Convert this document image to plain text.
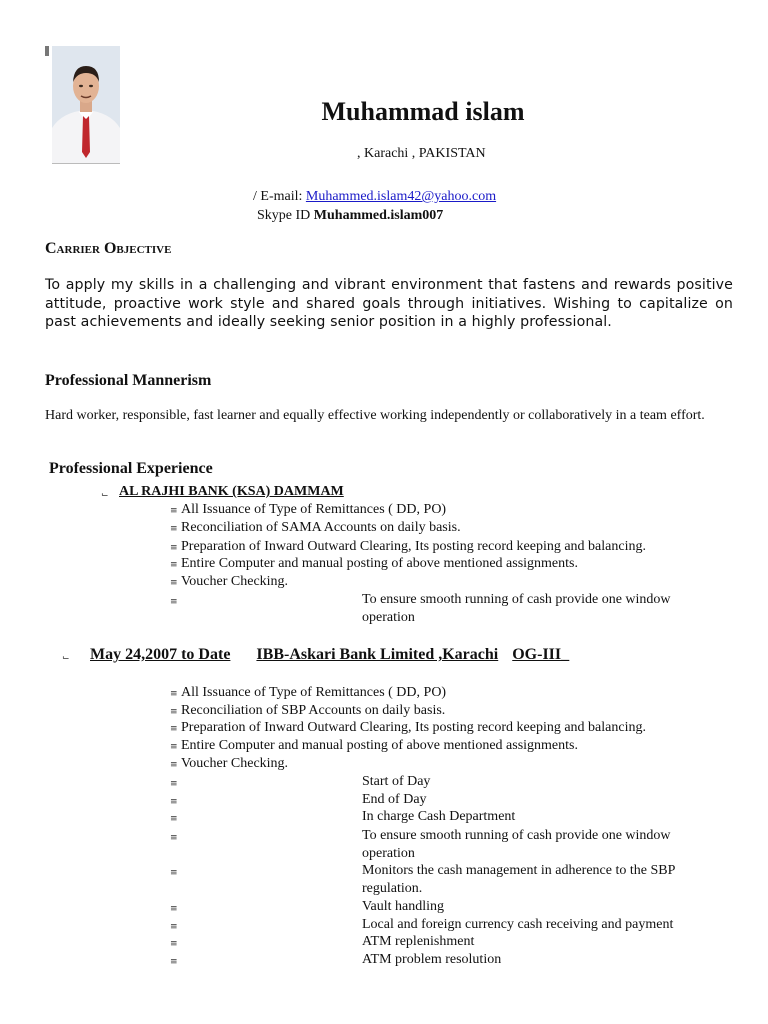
Muhammad islam
, Karachi , PAKISTAN
/ E-mail: Muhammed.islam42@yahoo.com
Skype ID Muhammed.islam007
Carrier Objective

To apply my skills in a challenging and vibrant environment that fastens and rewards positive attitude, proactive work style and shared goals through initiatives. Wishing to capitalize on past achievements and ideally seeking senior position in a highly professional.

Professional Mannerism

Hard worker, responsible, fast learner and equally effective working independently or collaboratively in a team effort.

Professional Experience
⌙ AL RAJHI BANK (KSA) DAMMAM
≡ All Issuance of Type of Remittances ( DD, PO)
≡ Reconciliation of SAMA Accounts on daily basis.
≡ Preparation of Inward Outward Clearing, Its posting record keeping and balancing.
≡ Entire Computer and manual posting of above mentioned assignments.
≡ Voucher Checking.
≡	To ensure smooth running of cash provide one window operation
⌙ May 24,2007 to Date IBB-Askari Bank Limited ,Karachi OG-III_
≡ All Issuance of Type of Remittances ( DD, PO)
≡ Reconciliation of SBP Accounts on daily basis.
≡ Preparation of Inward Outward Clearing, Its posting record keeping and balancing.
≡ Entire Computer and manual posting of above mentioned assignments.
≡ Voucher Checking.
≡	Start of Day
≡	End of Day
≡	In charge Cash Department
≡	To ensure smooth running of cash provide one window operation
≡	Monitors the cash management in adherence to the SBP regulation.
≡	Vault handling
≡	Local and foreign currency cash receiving and payment
≡	ATM replenishment
≡	ATM problem resolution
